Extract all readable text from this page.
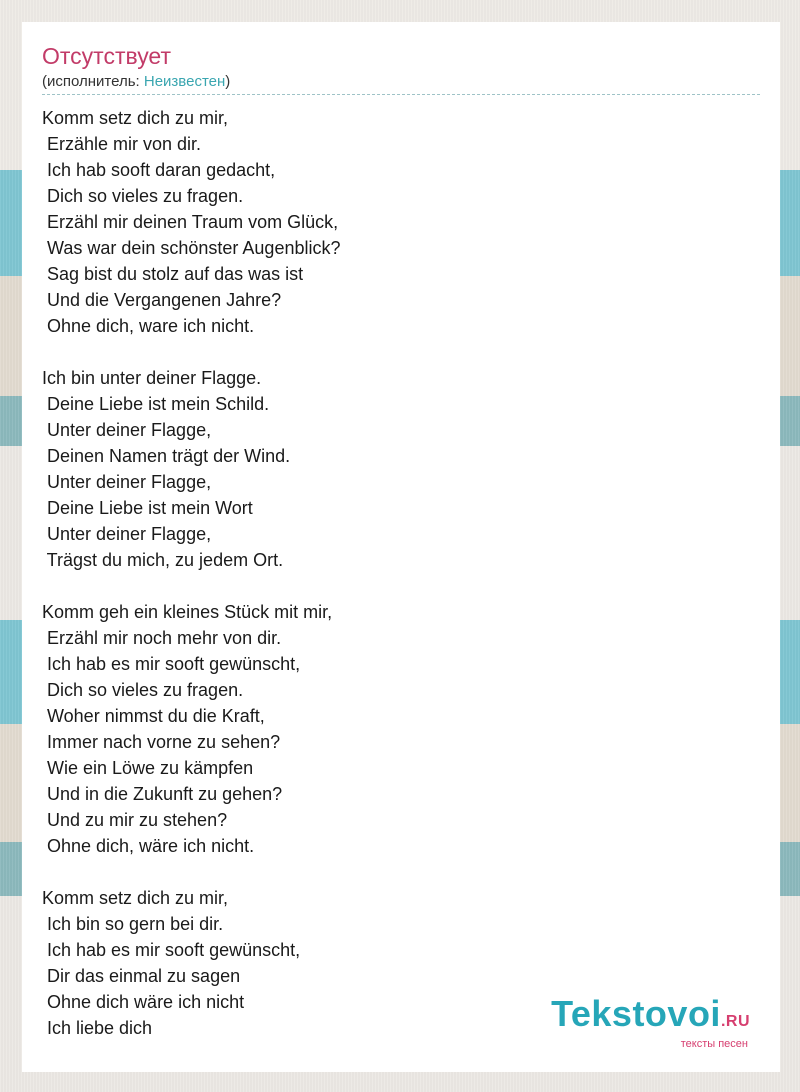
Отсутствует
(исполнитель: Неизвестен)
Komm setz dich zu mir,
Erzähle mir von dir.
Ich hab sooft daran gedacht,
Dich so vieles zu fragen.
Erzähl mir deinen Traum vom Glück,
Was war dein schönster Augenblick?
Sag bist du stolz auf das was ist
Und die Vergangenen Jahre?
Ohne dich, ware ich nicht.
Ich bin unter deiner Flagge.
Deine Liebe ist mein Schild.
Unter deiner Flagge,
Deinen Namen trägt der Wind.
Unter deiner Flagge,
Deine Liebe ist mein Wort
Unter deiner Flagge,
Trägst du mich, zu jedem Ort.
Komm geh ein kleines Stück mit mir,
Erzähl mir noch mehr von dir.
Ich hab es mir sooft gewünscht,
Dich so vieles zu fragen.
Woher nimmst du die Kraft,
Immer nach vorne zu sehen?
Wie ein Löwe zu kämpfen
Und in die Zukunft zu gehen?
Und zu mir zu stehen?
Ohne dich, wäre ich nicht.
Komm setz dich zu mir,
Ich bin so gern bei dir.
Ich hab es mir sooft gewünscht,
Dir das einmal zu sagen
Ohne dich wäre ich nicht
Ich liebe dich	Tekstovoi.RU
тексты песен
